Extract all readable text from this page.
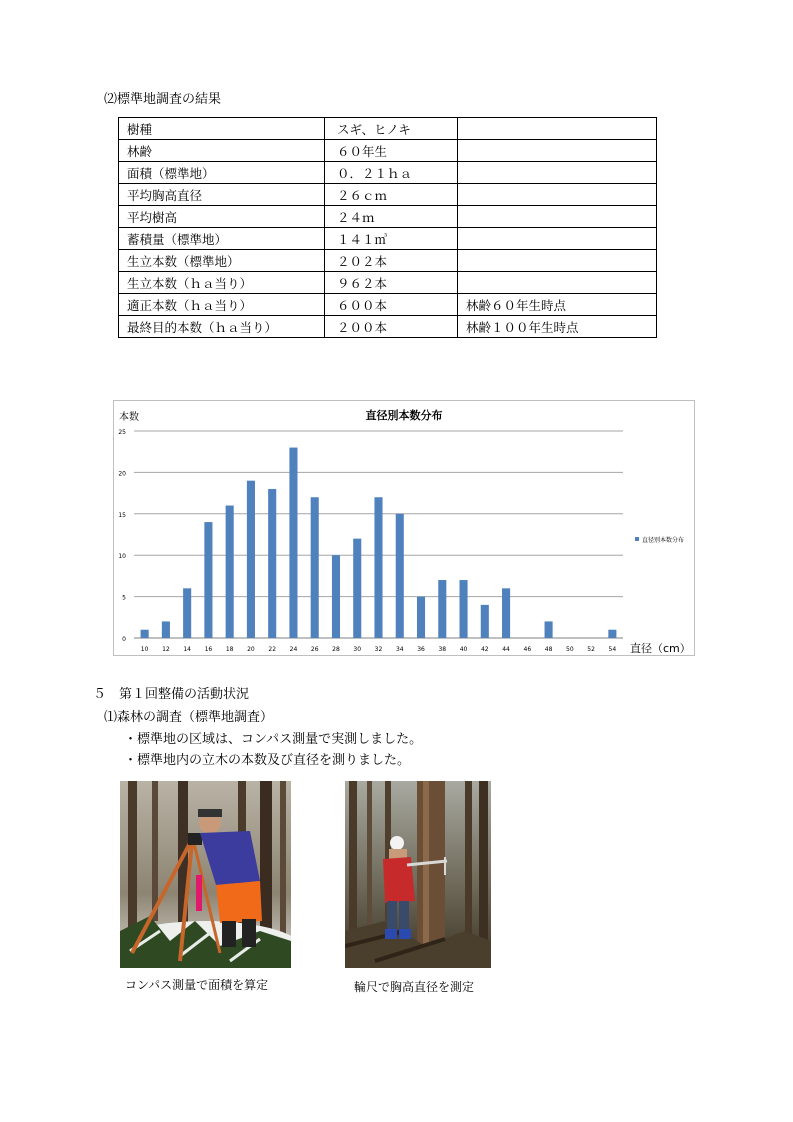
⑵標準地調査の結果
樹種	スギ、ヒノキ	
林齢	６０年生	
面積（標準地）	０．２１ｈａ	
平均胸高直径	２６ｃｍ	
平均樹高	２４ｍ	
蓄積量（標準地）	１４１㎥	
生立本数（標準地）	２０２本	
生立本数（ｈａ当り）	９６２本	
適正本数（ｈａ当り）	６００本	林齢６０年生時点
最終目的本数（ｈａ当り）	２００本	林齢１００年生時点
直径別本数分布
本数
直径（cm）
0
5
10
15
20
25
10 12 14 16 18 20 22 24 26 28 30 32 34 36 38 40 42 44 46 48 50 52 54
直径別本数分布
５　第１回整備の活動状況
⑴森林の調査（標準地調査）
・標準地の区域は、コンパス測量で実測しました。
・標準地内の立木の本数及び直径を測りました。
コンパス測量で面積を算定	輪尺で胸高直径を測定
